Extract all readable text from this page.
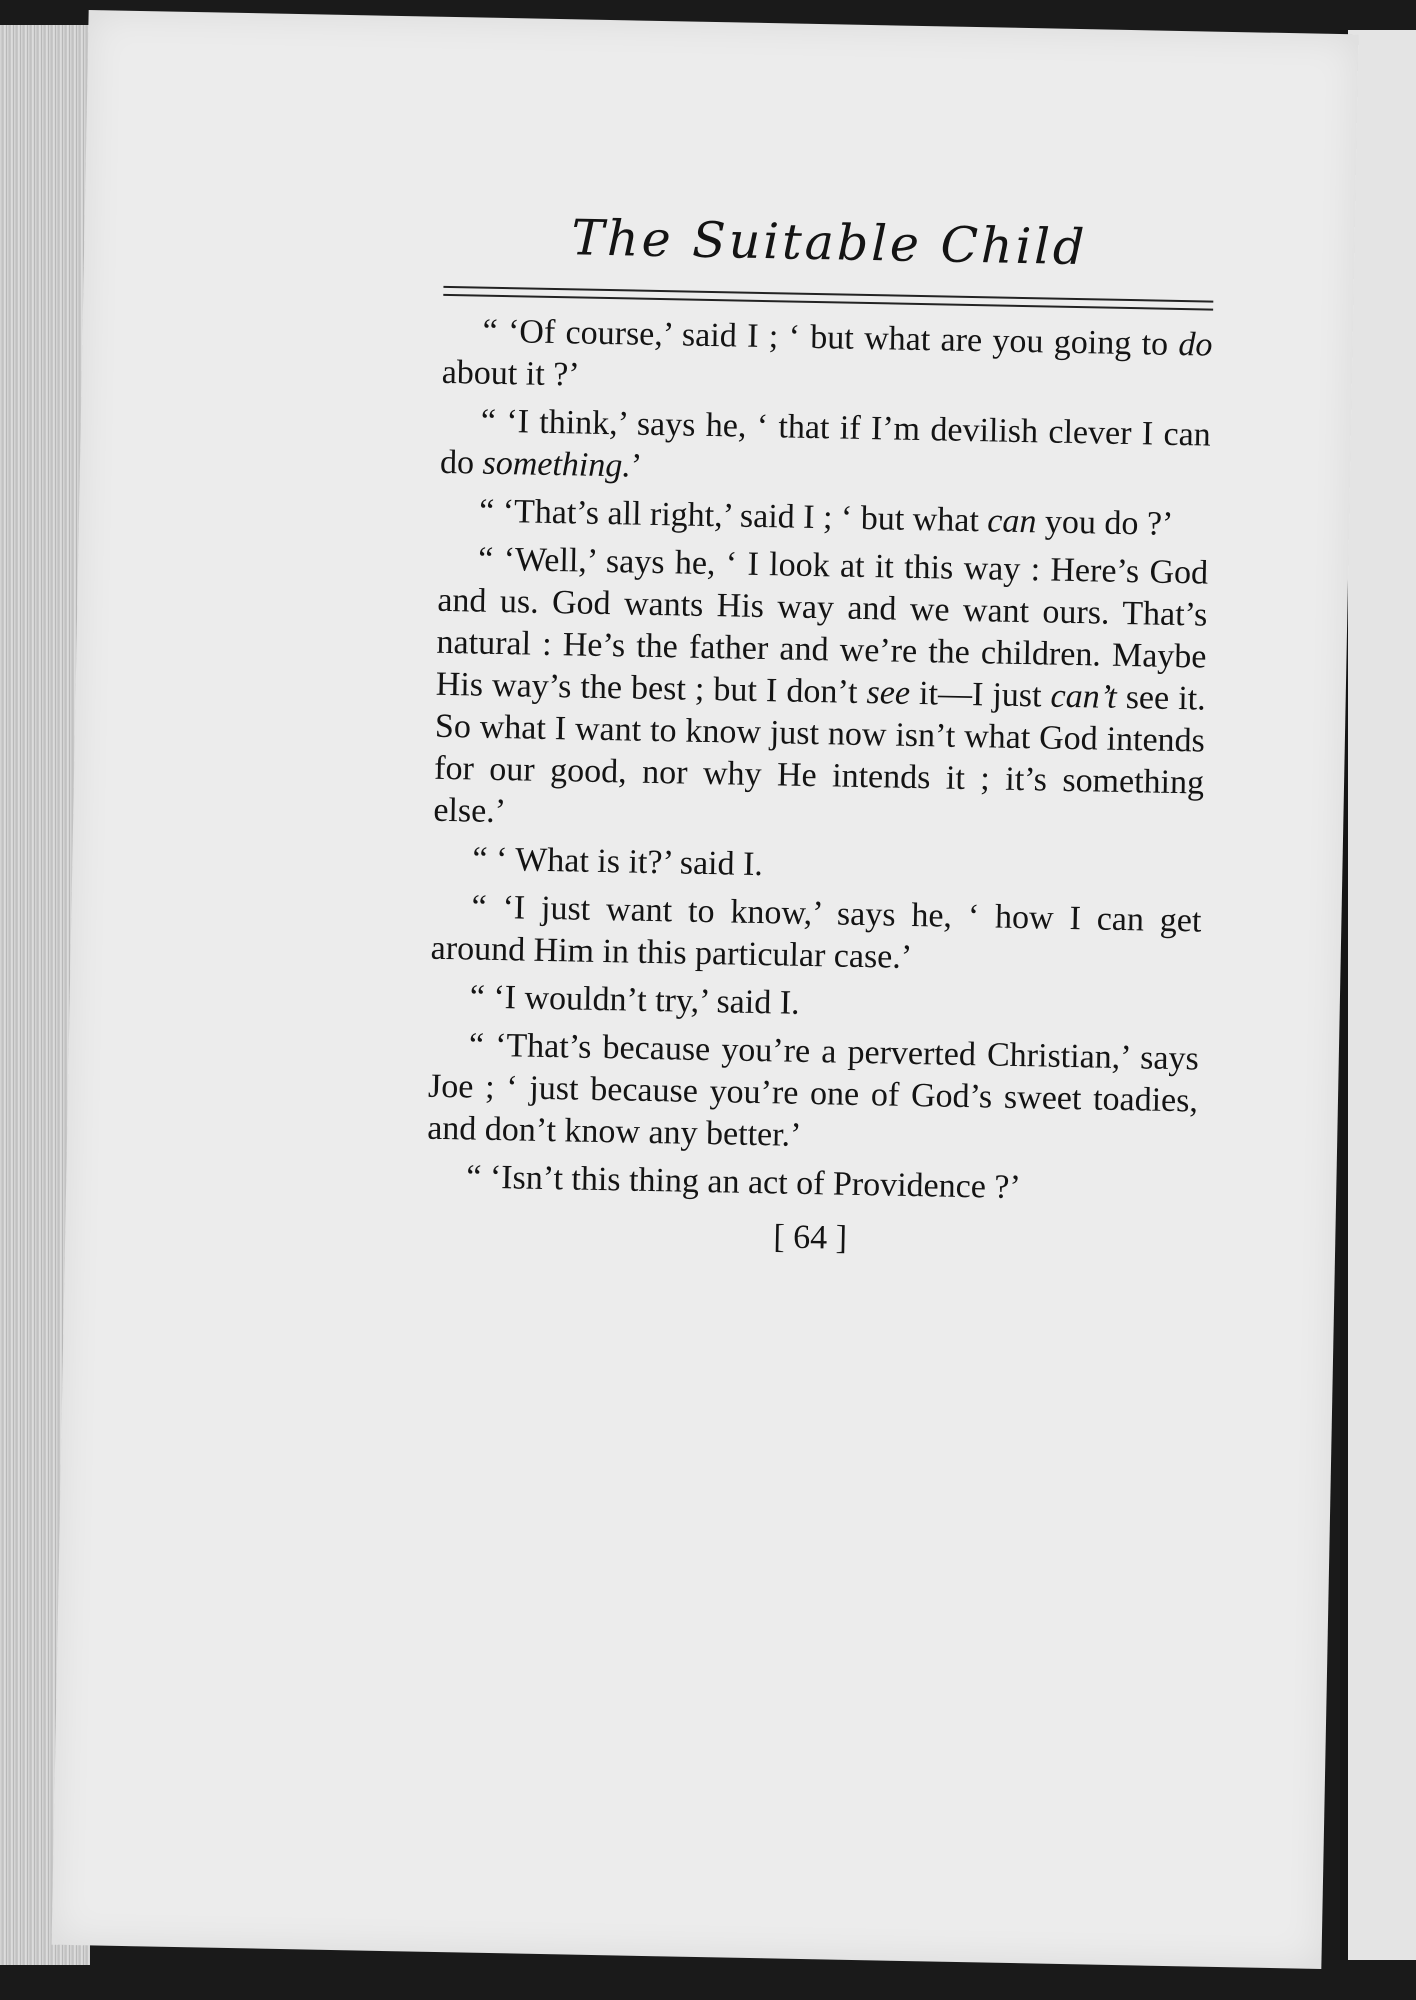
The Suitable Child

“ ‘Of course,’ said I ; ‘ but what are you going to do about it ?’

“ ‘I think,’ says he, ‘ that if I’m devilish clever I can do something.’

“ ‘That’s all right,’ said I ; ‘ but what can you do ?’

“ ‘Well,’ says he, ‘ I look at it this way : Here’s God and us. God wants His way and we want ours. That’s natural : He’s the father and we’re the children. Maybe His way’s the best ; but I don’t see it—I just can’t see it. So what I want to know just now isn’t what God intends for our good, nor why He intends it ; it’s something else.’

“ ‘ What is it?’ said I.

“ ‘I just want to know,’ says he, ‘ how I can get around Him in this particular case.’

“ ‘I wouldn’t try,’ said I.

“ ‘That’s because you’re a perverted Christian,’ says Joe ; ‘ just because you’re one of God’s sweet toadies, and don’t know any better.’

“ ‘Isn’t this thing an act of Providence ?’

[ 64 ]
